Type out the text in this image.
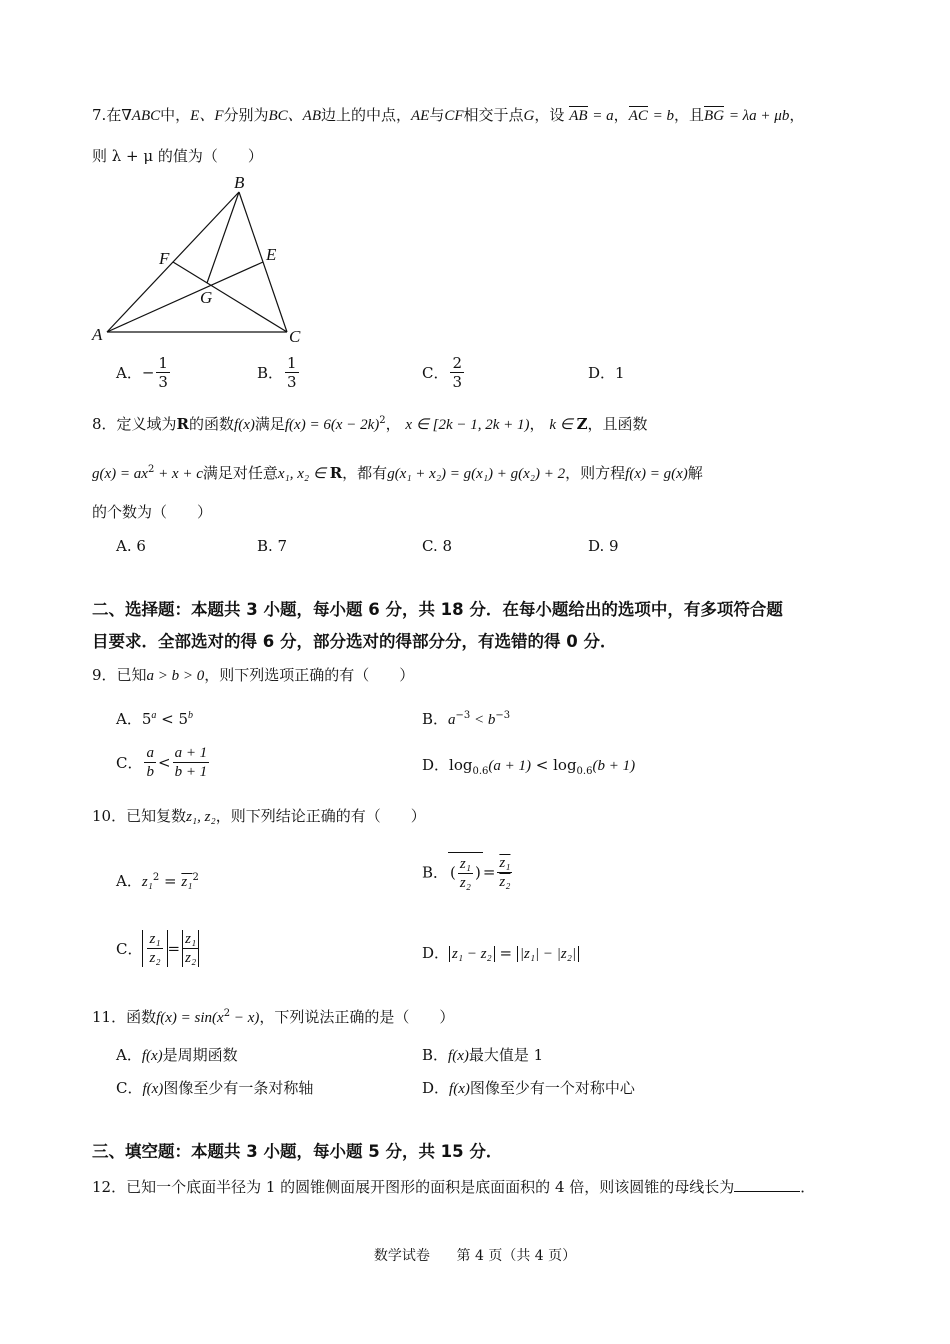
7.在∇ABC中，E、F分别为BC、AB边上的中点，AE与CF相交于点G，设 AB = a，AC = b，且BG = λa + μb，
则 λ + μ 的值为（　　）
A
B
C
E
F
G
A．− $\frac{1}{3}$	B． $\frac{1}{3}$	C． $\frac{2}{3}$	D．1
8．定义域为R的函数f(x)满足$f(x) = 6(x - 2k)^2$， x ∈ [2k − 1, 2k + 1)， k ∈ Z，且函数
$g(x) = ax^2 + x + c$满足对任意x₁, x₂ ∈ R，都有g(x₁ + x₂) = g(x₁) + g(x₂) + 2，则方程f(x) = g(x)解
的个数为（　　）
A. 6	B. 7	C. 8	D. 9
二、选择题：本题共 3 小题，每小题 6 分，共 18 分．在每小题给出的选项中，有多项符合题
目要求．全部选对的得 6 分，部分选对的得部分分，有选错的得 0 分．
9．已知a > b > 0，则下列选项正确的有（　　）
A．$5^a < 5^b$	B．$a^{-3} < b^{-3}$
C． $\frac{a}{b} < \frac{a + 1}{b + 1}$	D．$\log_{0.6}(a + 1) < \log_{0.6}(b + 1)$
10．已知复数z₁, z₂，则下列结论正确的有（　　）
A．z₁$^2$ = z₁$^2$	B． ( $\frac{\text{z₁}}{\text{z₂}}$ ) = $\frac{\text{z₁}}{\text{z₂}}$
C． $\frac{\text{z₁}}{\text{z₂}} = \frac{\text{z₁}}{\text{z₂}}$	D． z₁ − z₂ = |z₁| − |z₂|
11．函数$f(x) = \sin(x^2 - x)$，下列说法正确的是（　　）
A．f(x)是周期函数	B．f(x)最大值是 1
C．f(x)图像至少有一条对称轴	D．f(x)图像至少有一个对称中心
三、填空题：本题共 3 小题，每小题 5 分，共 15 分．
12．已知一个底面半径为 1 的圆锥侧面展开图形的面积是底面面积的 4 倍，则该圆锥的母线长为	．
数学试卷 第 4 页（共 4 页）
